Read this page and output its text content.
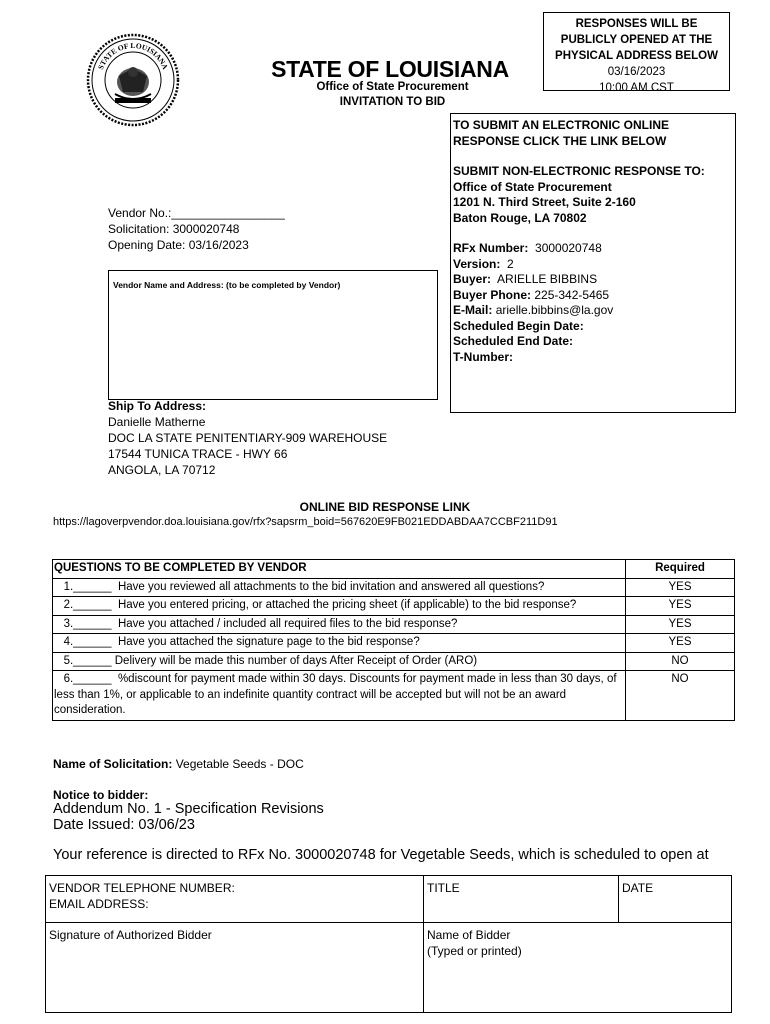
STATE OF LOUISIANA	STATE OF LOUISIANA
Office of State Procurement
INVITATION TO BID
RESPONSES WILL BE
PUBLICLY OPENED AT THE
PHYSICAL ADDRESS BELOW
03/16/2023
10:00 AM CST
TO SUBMIT AN ELECTRONIC ONLINE
RESPONSE CLICK THE LINK BELOW
SUBMIT NON-ELECTRONIC RESPONSE TO:
Office of State Procurement
1201 N. Third Street, Suite 2-160
Baton Rouge, LA 70802
RFx Number: 3000020748
Version: 2
Buyer: ARIELLE BIBBINS
Buyer Phone: 225-342-5465
E-Mail: arielle.bibbins@la.gov
Scheduled Begin Date:
Scheduled End Date:
T-Number:
Vendor No.:_________________
Solicitation: 3000020748
Opening Date: 03/16/2023
Vendor Name and Address: (to be completed by Vendor)
Ship To Address:
Danielle Matherne
DOC LA STATE PENITENTIARY-909 WAREHOUSE
17544 TUNICA TRACE - HWY 66
ANGOLA, LA 70712
ONLINE BID RESPONSE LINK
https://lagoverpvendor.doa.louisiana.gov/rfx?sapsrm_boid=567620E9FB021EDDABDAA7CCBF211D91
QUESTIONS TO BE COMPLETED BY VENDOR	Required
1.______  Have you reviewed all attachments to the bid invitation and answered all questions?	YES
2.______  Have you entered pricing, or attached the pricing sheet (if applicable) to the bid response?	YES
3.______  Have you attached / included all required files to the bid response?	YES
4.______  Have you attached the signature page to the bid response?	YES
5.______ Delivery will be made this number of days After Receipt of Order (ARO)	NO
6.______  %discount for payment made within 30 days. Discounts for payment made in less than 30 days, of less than 1%, or applicable to an indefinite quantity contract will be accepted but will not be an award consideration.	NO
Name of Solicitation: Vegetable Seeds - DOC
Notice to bidder:
Addendum No. 1 - Specification Revisions
Date Issued: 03/06/23
Your reference is directed to RFx No. 3000020748 for Vegetable Seeds, which is scheduled to open at
VENDOR TELEPHONE NUMBER:
EMAIL ADDRESS:	TITLE	DATE
Signature of Authorized Bidder	Name of Bidder
(Typed or printed)	
